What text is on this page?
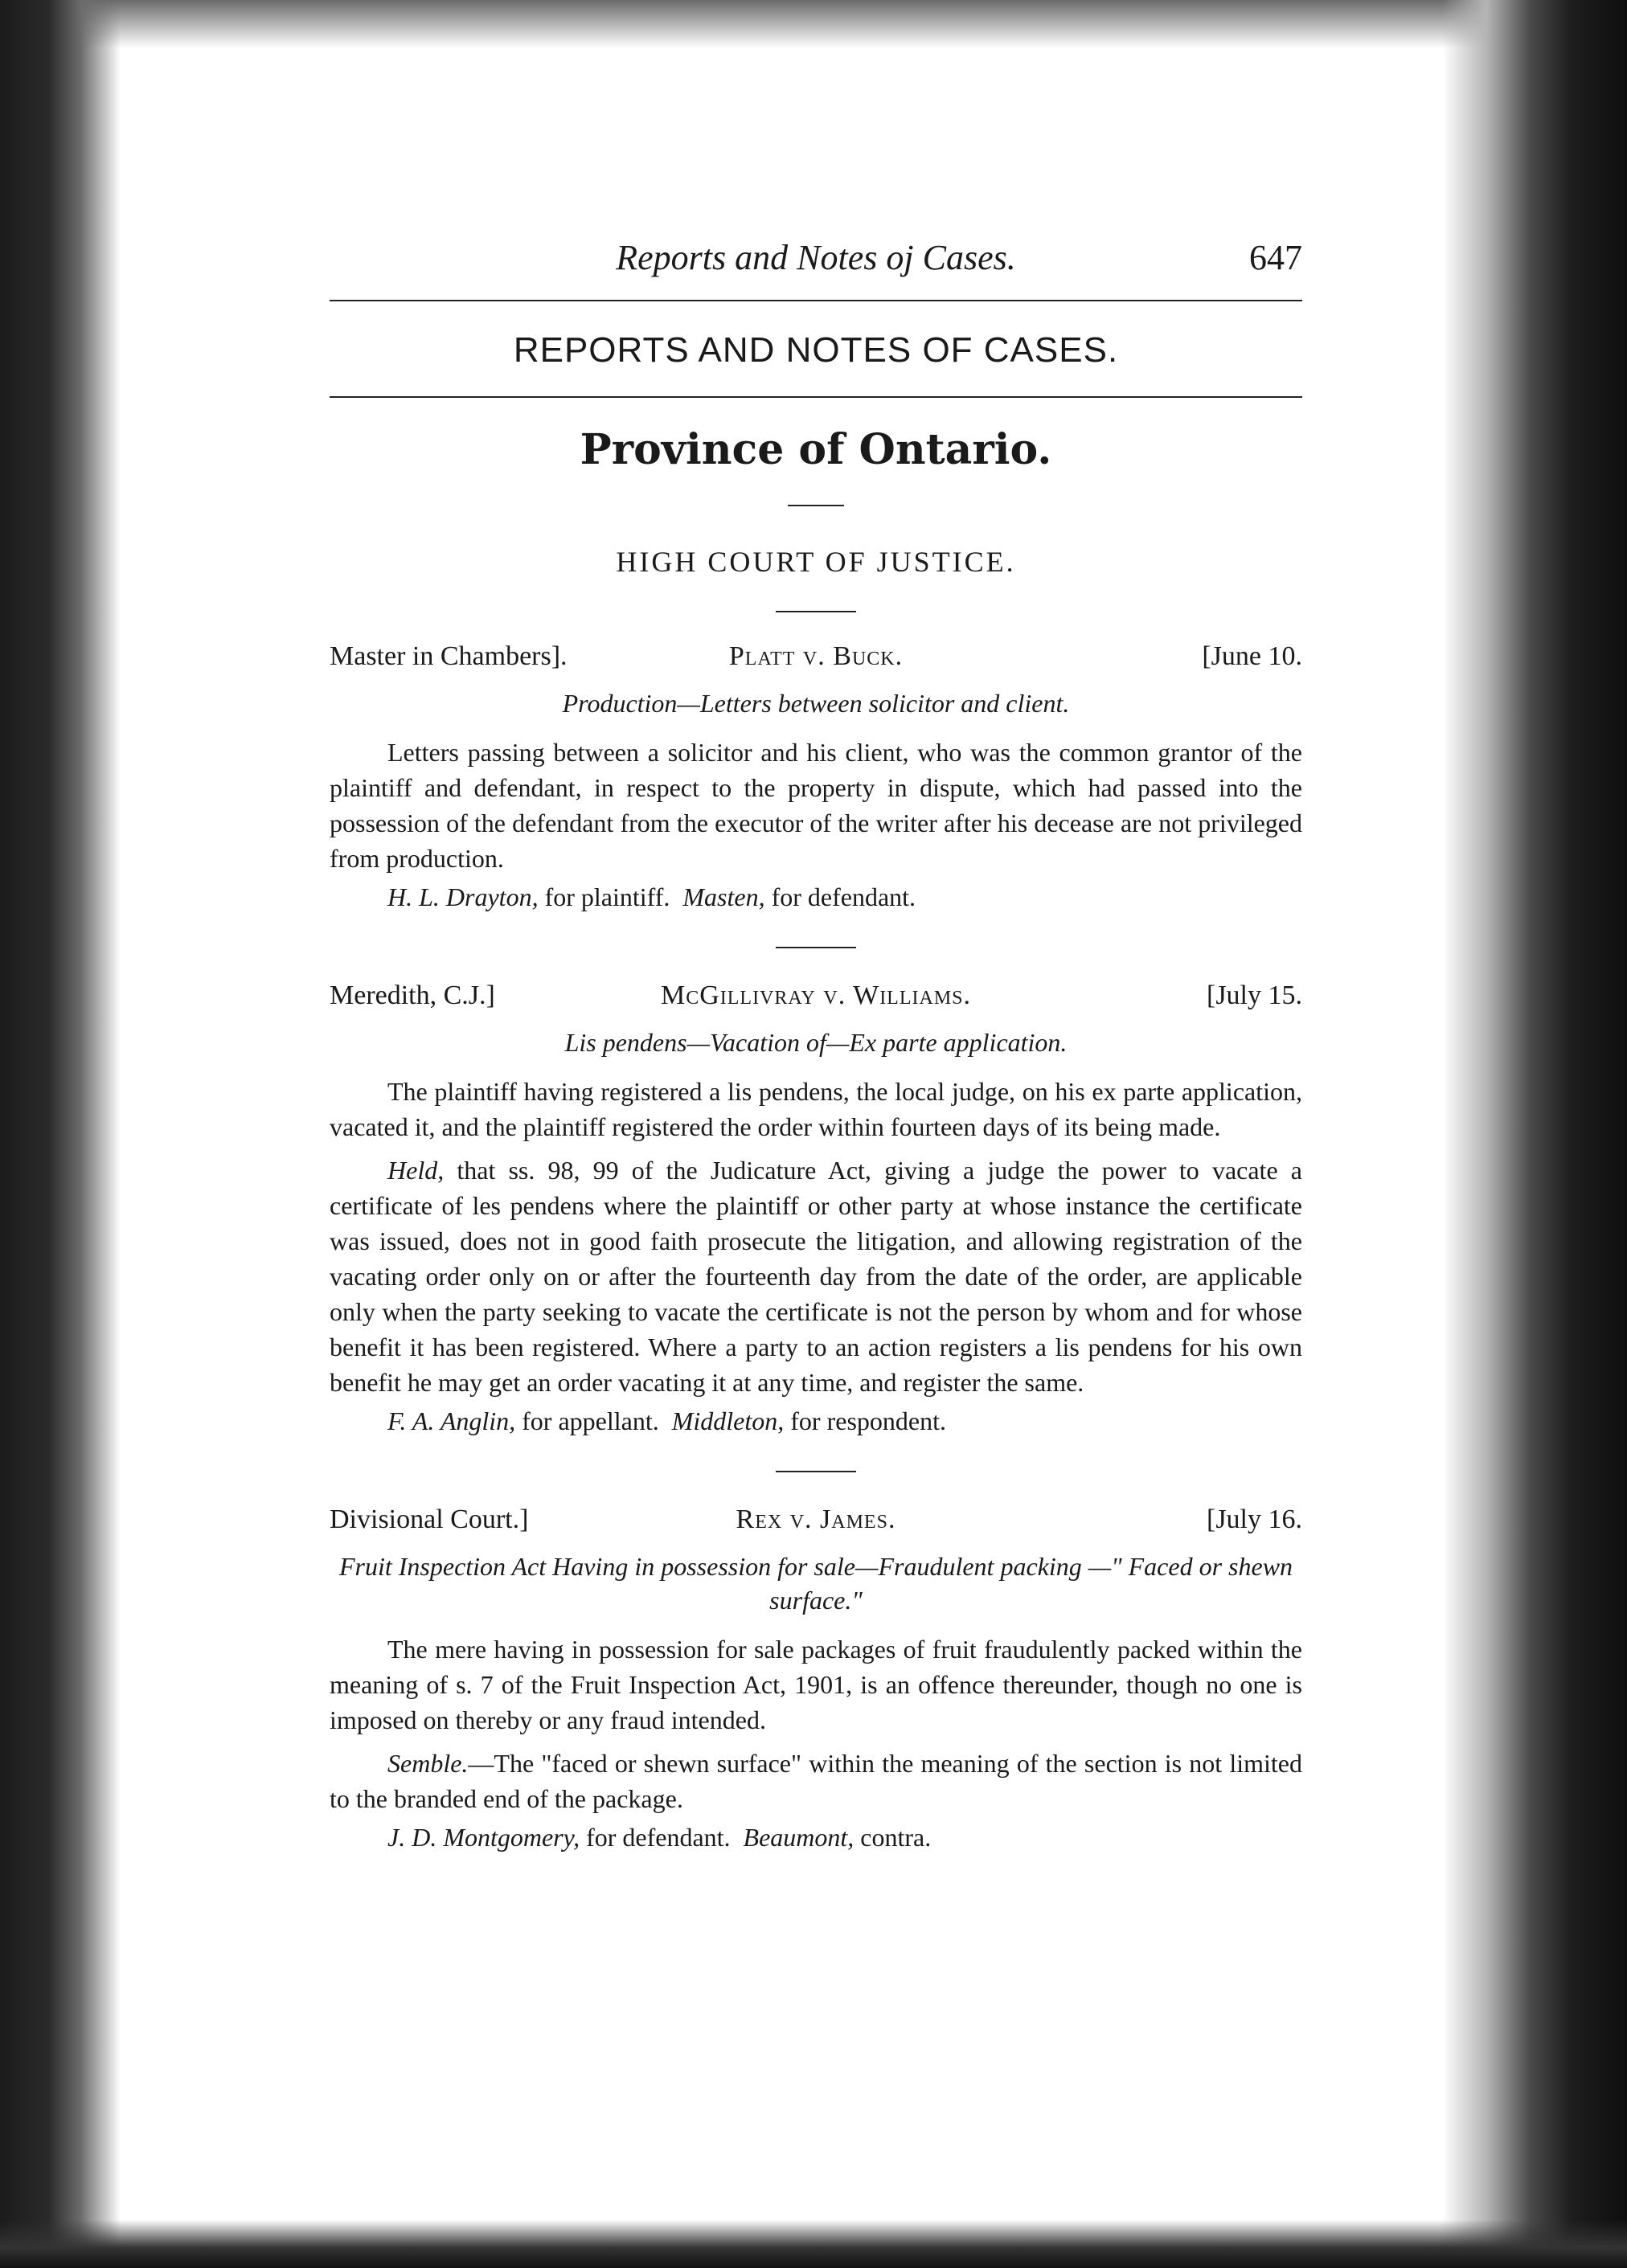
Reports and Notes oj Cases.	647
REPORTS AND NOTES OF CASES.
Province of Ontario.
HIGH COURT OF JUSTICE.
Master in Chambers].	Platt v. Buck.	[June 10.
Production—Letters between solicitor and client.

Letters passing between a solicitor and his client, who was the common grantor of the plaintiff and defendant, in respect to the property in dispute, which had passed into the possession of the defendant from the executor of the writer after his decease are not privileged from production.

H. L. Drayton, for plaintiff. Masten, for defendant.

Meredith, C.J.]	McGillivray v. Williams.	[July 15.
Lis pendens—Vacation of—Ex parte application.

The plaintiff having registered a lis pendens, the local judge, on his ex parte application, vacated it, and the plaintiff registered the order within fourteen days of its being made.

Held, that ss. 98, 99 of the Judicature Act, giving a judge the power to vacate a certificate of les pendens where the plaintiff or other party at whose instance the certificate was issued, does not in good faith prosecute the litigation, and allowing registration of the vacating order only on or after the fourteenth day from the date of the order, are applicable only when the party seeking to vacate the certificate is not the person by whom and for whose benefit it has been registered. Where a party to an action registers a lis pendens for his own benefit he may get an order vacating it at any time, and register the same.

F. A. Anglin, for appellant. Middleton, for respondent.

Divisional Court.]	Rex v. James.	[July 16.
Fruit Inspection Act Having in possession for sale—Fraudulent packing —" Faced or shewn surface."

The mere having in possession for sale packages of fruit fraudulently packed within the meaning of s. 7 of the Fruit Inspection Act, 1901, is an offence thereunder, though no one is imposed on thereby or any fraud intended.

Semble.—The "faced or shewn surface" within the meaning of the section is not limited to the branded end of the package.

J. D. Montgomery, for defendant. Beaumont, contra.
